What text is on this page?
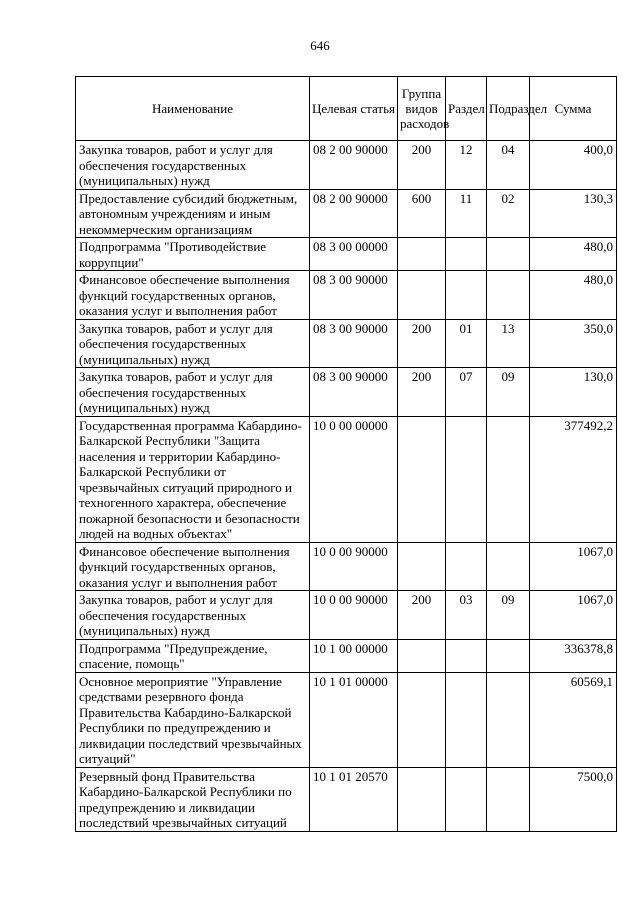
646
Наименование	Целевая статья	Группа видов расходов	Раздел	Подраздел	Сумма
Закупка товаров, работ и услуг для обеспечения государственных (муниципальных) нужд	08 2 00 90000	200	12	04	400,0
Предоставление субсидий бюджетным, автономным учреждениям и иным некоммерческим организациям	08 2 00 90000	600	11	02	130,3
Подпрограмма "Противодействие коррупции"	08 3 00 00000				480,0
Финансовое обеспечение выполнения функций государственных органов, оказания услуг и выполнения работ	08 3 00 90000				480,0
Закупка товаров, работ и услуг для обеспечения государственных (муниципальных) нужд	08 3 00 90000	200	01	13	350,0
Закупка товаров, работ и услуг для обеспечения государственных (муниципальных) нужд	08 3 00 90000	200	07	09	130,0
Государственная программа Кабардино-Балкарской Республики "Защита населения и территории Кабардино-Балкарской Республики от чрезвычайных ситуаций природного и техногенного характера, обеспечение пожарной безопасности и безопасности людей на водных объектах"	10 0 00 00000				377492,2
Финансовое обеспечение выполнения функций государственных органов, оказания услуг и выполнения работ	10 0 00 90000				1067,0
Закупка товаров, работ и услуг для обеспечения государственных (муниципальных) нужд	10 0 00 90000	200	03	09	1067,0
Подпрограмма "Предупреждение, спасение, помощь"	10 1 00 00000				336378,8
Основное мероприятие "Управление средствами резервного фонда Правительства Кабардино-Балкарской Республики по предупреждению и ликвидации последствий чрезвычайных ситуаций"	10 1 01 00000				60569,1
Резервный фонд Правительства Кабардино-Балкарской Республики по предупреждению и ликвидации последствий чрезвычайных ситуаций	10 1 01 20570				7500,0
